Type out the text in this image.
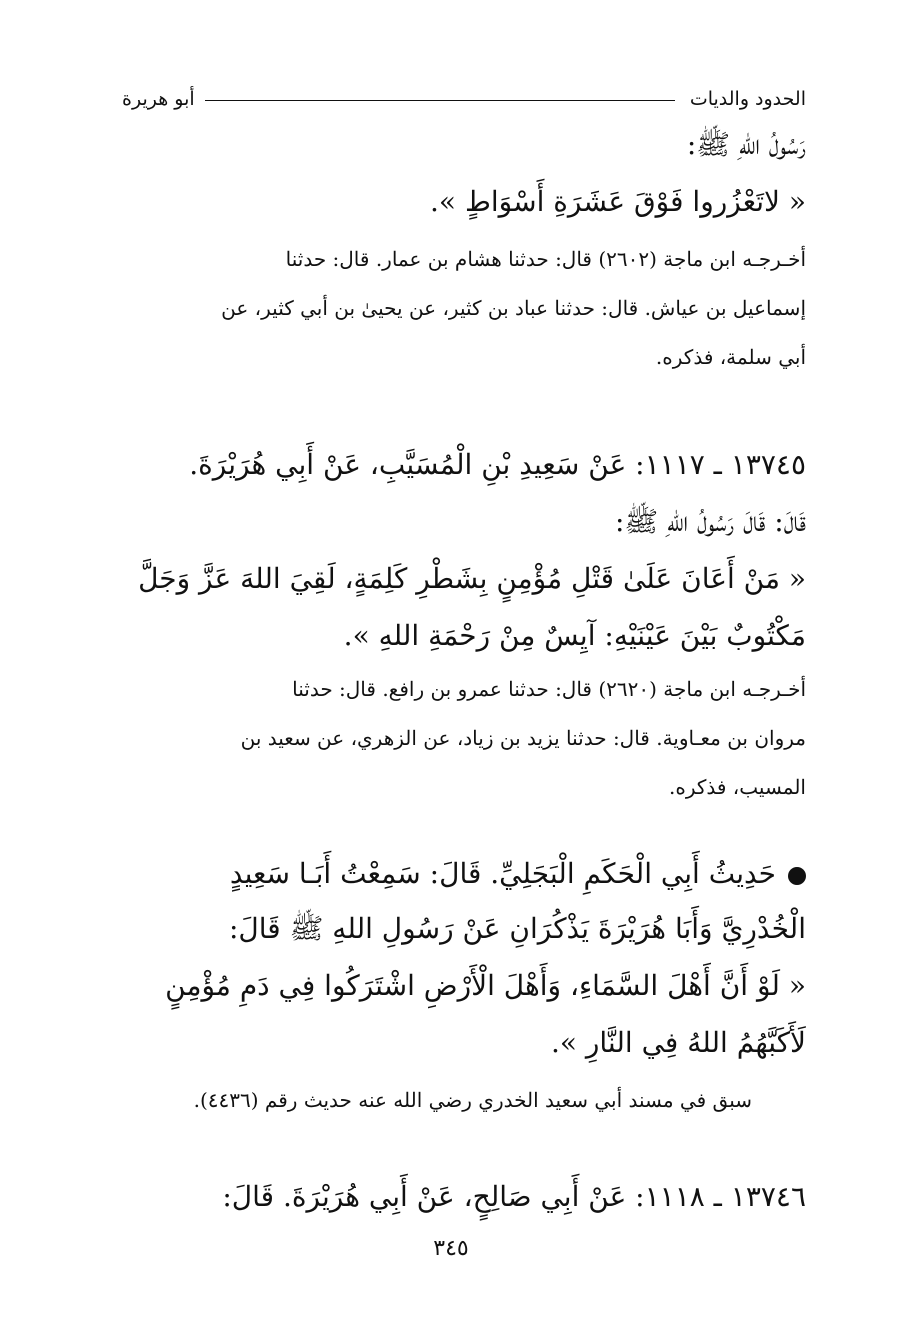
الحدود والديات
أبو هريرة
رَسُولُ اللهِ ﷺ:
« لاتَعْزُروا فَوْقَ عَشَرَةِ أَسْوَاطٍ ».
أخـرجـه ابن ماجة (٢٦٠٢) قال: حدثنا هشام بن عمار. قال: حدثنا
إسماعيل بن عياش. قال: حدثنا عباد بن كثير، عن يحيىٰ بن أبي كثير، عن
أبي سلمة، فذكره.
١٣٧٤٥ ـ ١١١٧: عَنْ سَعِيدِ بْنِ الْمُسَيَّبِ، عَنْ أَبِي هُرَيْرَةَ.
قَالَ: قَالَ رَسُولُ اللهِ ﷺ:
« مَنْ أَعَانَ عَلَىٰ قَتْلِ مُؤْمِنٍ بِشَطْرِ كَلِمَةٍ، لَقِيَ اللهَ عَزَّ وَجَلَّ
مَكْتُوبٌ بَيْنَ عَيْنَيْهِ: آيِسٌ مِنْ رَحْمَةِ اللهِ ».
أخـرجـه ابن ماجة (٢٦٢٠) قال: حدثنا عمرو بن رافع. قال: حدثنا
مروان بن معـاوية. قال: حدثنا يزيد بن زياد، عن الزهري، عن سعيد بن
المسيب، فذكره.
حَدِيثُ أَبِي الْحَكَمِ الْبَجَلِيِّ. قَالَ: سَمِعْتُ أَبَـا سَعِيدٍ
الْخُدْرِيَّ وَأَبَا هُرَيْرَةَ يَذْكُرَانِ عَنْ رَسُولِ اللهِ ﷺ قَالَ:
« لَوْ أَنَّ أَهْلَ السَّمَاءِ، وَأَهْلَ الْأَرْضِ اشْتَرَكُوا فِي دَمِ مُؤْمِنٍ
لَأَكَبَّهُمُ اللهُ فِي النَّارِ ».
سبق في مسند أبي سعيد الخدري رضي الله عنه حديث رقم (٤٤٣٦).
١٣٧٤٦ ـ ١١١٨: عَنْ أَبِي صَالِحٍ، عَنْ أَبِي هُرَيْرَةَ. قَالَ:
٣٤٥
